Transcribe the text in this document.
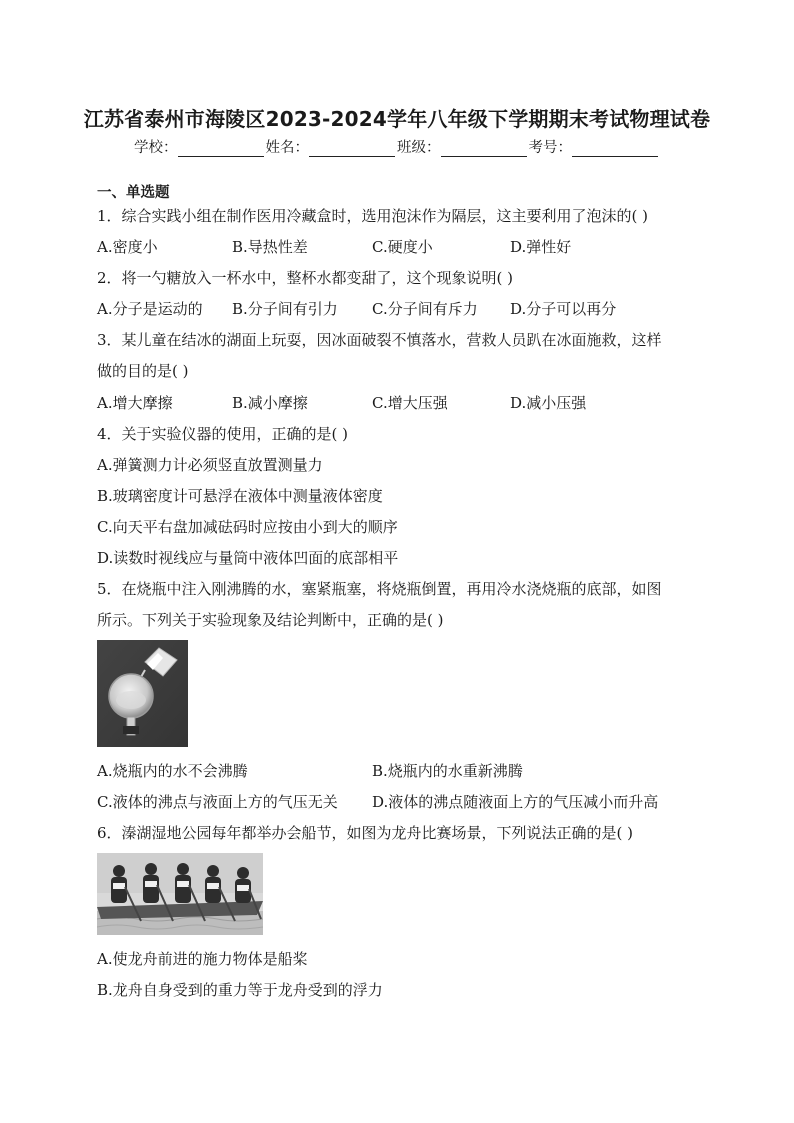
江苏省泰州市海陵区2023-2024学年八年级下学期期末考试物理试卷
学校：	姓名：	班级：	考号：
一、单选题
1．综合实践小组在制作医用冷藏盒时，选用泡沫作为隔层，这主要利用了泡沫的( )
A.密度小	B.导热性差	C.硬度小	D.弹性好
2．将一勺糖放入一杯水中，整杯水都变甜了，这个现象说明( )
A.分子是运动的 B.分子间有引力 C.分子间有斥力 D.分子可以再分
3．某儿童在结冰的湖面上玩耍，因冰面破裂不慎落水，营救人员趴在冰面施救，这样
做的目的是( )
A.增大摩擦	B.减小摩擦	C.增大压强	D.减小压强
4．关于实验仪器的使用，正确的是( )
A.弹簧测力计必须竖直放置测量力
B.玻璃密度计可悬浮在液体中测量液体密度
C.向天平右盘加减砝码时应按由小到大的顺序
D.读数时视线应与量筒中液体凹面的底部相平
5．在烧瓶中注入刚沸腾的水，塞紧瓶塞，将烧瓶倒置，再用冷水浇烧瓶的底部，如图
所示。下列关于实验现象及结论判断中，正确的是( )
A.烧瓶内的水不会沸腾	B.烧瓶内的水重新沸腾
C.液体的沸点与液面上方的气压无关 D.液体的沸点随液面上方的气压减小而升高
6．溱湖湿地公园每年都举办会船节，如图为龙舟比赛场景，下列说法正确的是( )
A.使龙舟前进的施力物体是船桨
B.龙舟自身受到的重力等于龙舟受到的浮力
